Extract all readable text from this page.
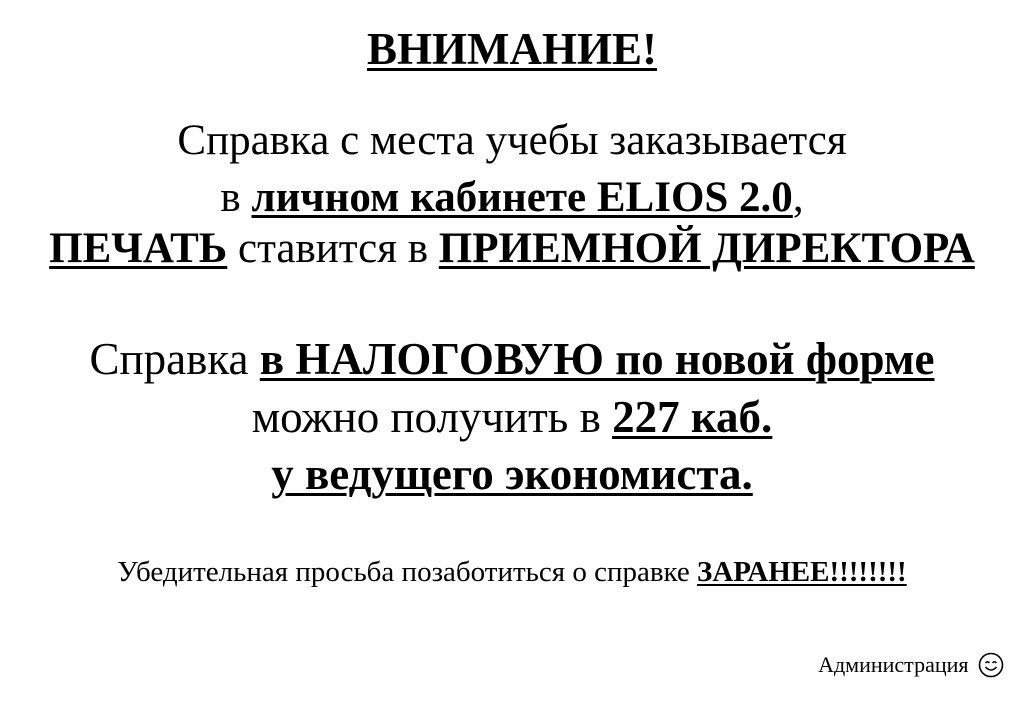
ВНИМАНИЕ!
Справка с места учебы заказывается
в личном кабинете ELIOS 2.0,
ПЕЧАТЬ ставится в ПРИЕМНОЙ ДИРЕКТОРА
Справка в НАЛОГОВУЮ по новой форме
можно получить в 227 каб.
у ведущего экономиста.
Убедительная просьба позаботиться о справке ЗАРАНЕЕ!!!!!!!!
Администрация
